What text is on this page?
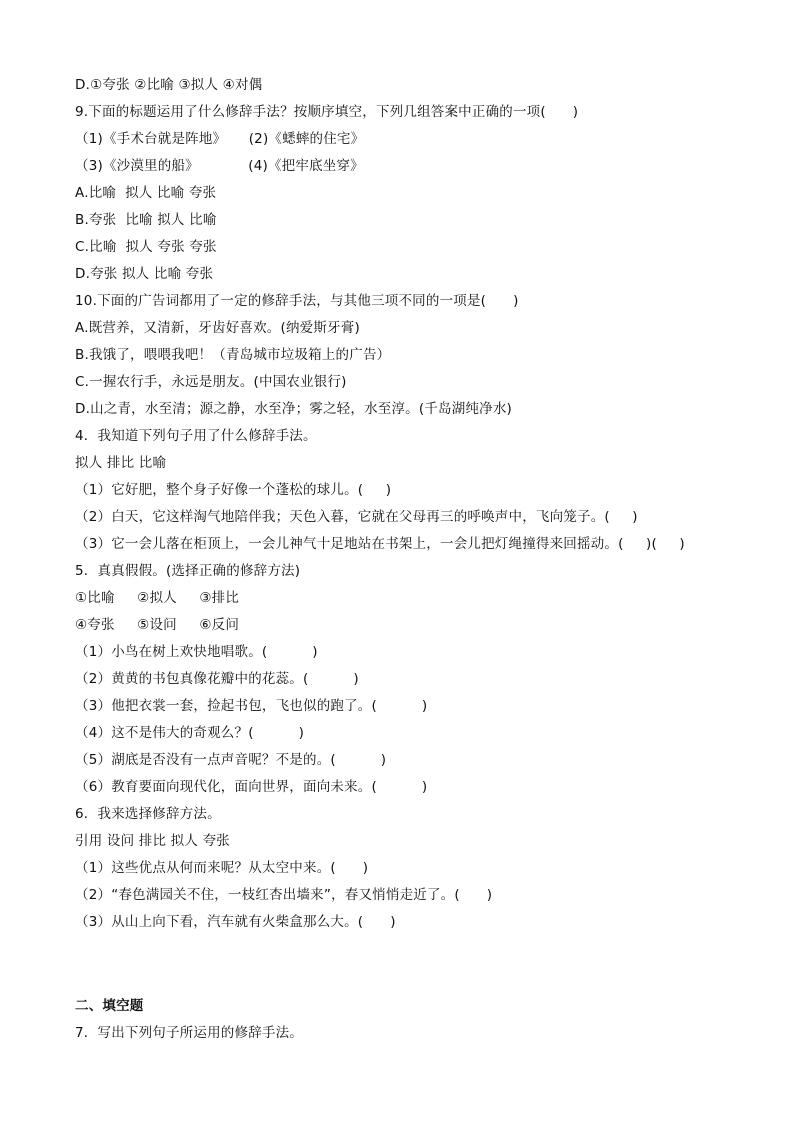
D.①夸张 ②比喻 ③拟人 ④对偶
9.下面的标题运用了什么修辞手法？按顺序填空，下列几组答案中正确的一项(      )
（1)《手术台就是阵地》     (2)《蟋蟀的住宅》
（3)《沙漠里的船》           (4)《把牢底坐穿》
A.比喻  拟人 比喻 夸张
B.夸张  比喻 拟人 比喻
C.比喻  拟人 夸张 夸张
D.夸张 拟人 比喻 夸张
10.下面的广告词都用了一定的修辞手法，与其他三项不同的一项是(      )
A.既营养，又清新，牙齿好喜欢。(纳爱斯牙膏)
B.我饿了，喂喂我吧！（青岛城市垃圾箱上的广告）
C.一握农行手，永远是朋友。(中国农业银行)
D.山之青，水至清；源之静，水至净；雾之轻，水至淳。(千岛湖纯净水)
4．我知道下列句子用了什么修辞手法。
拟人 排比 比喻
（1）它好肥，整个身子好像一个蓬松的球儿。(     )
（2）白天，它这样淘气地陪伴我；天色入暮，它就在父母再三的呼唤声中，飞向笼子。(     )
（3）它一会儿落在柜顶上，一会儿神气十足地站在书架上，一会儿把灯绳撞得来回摇动。(     )(     )
5．真真假假。(选择正确的修辞方法)
①比喻     ②拟人     ③排比
④夸张     ⑤设问     ⑥反问
（1）小鸟在树上欢快地唱歌。(          )
（2）黄黄的书包真像花瓣中的花蕊。(          )
（3）他把衣裳一套，捡起书包，飞也似的跑了。(          )
（4）这不是伟大的奇观么？(          )
（5）湖底是否没有一点声音呢？不是的。(          )
（6）教育要面向现代化，面向世界，面向未来。(          )
6．我来选择修辞方法。
引用 设问 排比 拟人 夸张
（1）这些优点从何而来呢？从太空中来。(      )
（2）“春色满园关不住，一枝红杏出墙来”，春又悄悄走近了。(      )
（3）从山上向下看，汽车就有火柴盒那么大。(      )
二、填空题
7．写出下列句子所运用的修辞手法。
